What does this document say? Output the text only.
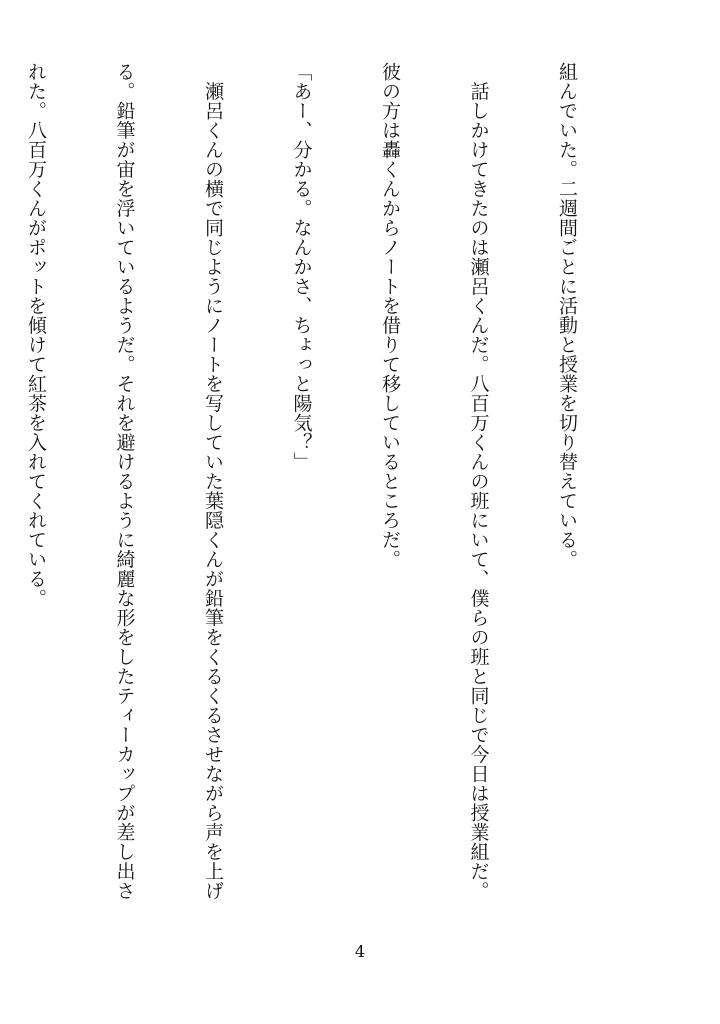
組んでいた。二週間ごとに活動と授業を切り替えている。

　話しかけてきたのは瀬呂くんだ。八百万くんの班にいて、僕らの班と同じで今日は授業組だ。

彼の方は轟くんからノートを借りて移しているところだ。

「あー、分かる。なんかさ、ちょっと陽気？」

　瀬呂くんの横で同じようにノートを写していた葉隠くんが鉛筆をくるくるさせながら声を上げ

る。鉛筆が宙を浮いているようだ。それを避けるように綺麗な形をしたティーカップが差し出さ

れた。八百万くんがポットを傾けて紅茶を入れてくれている。

4
